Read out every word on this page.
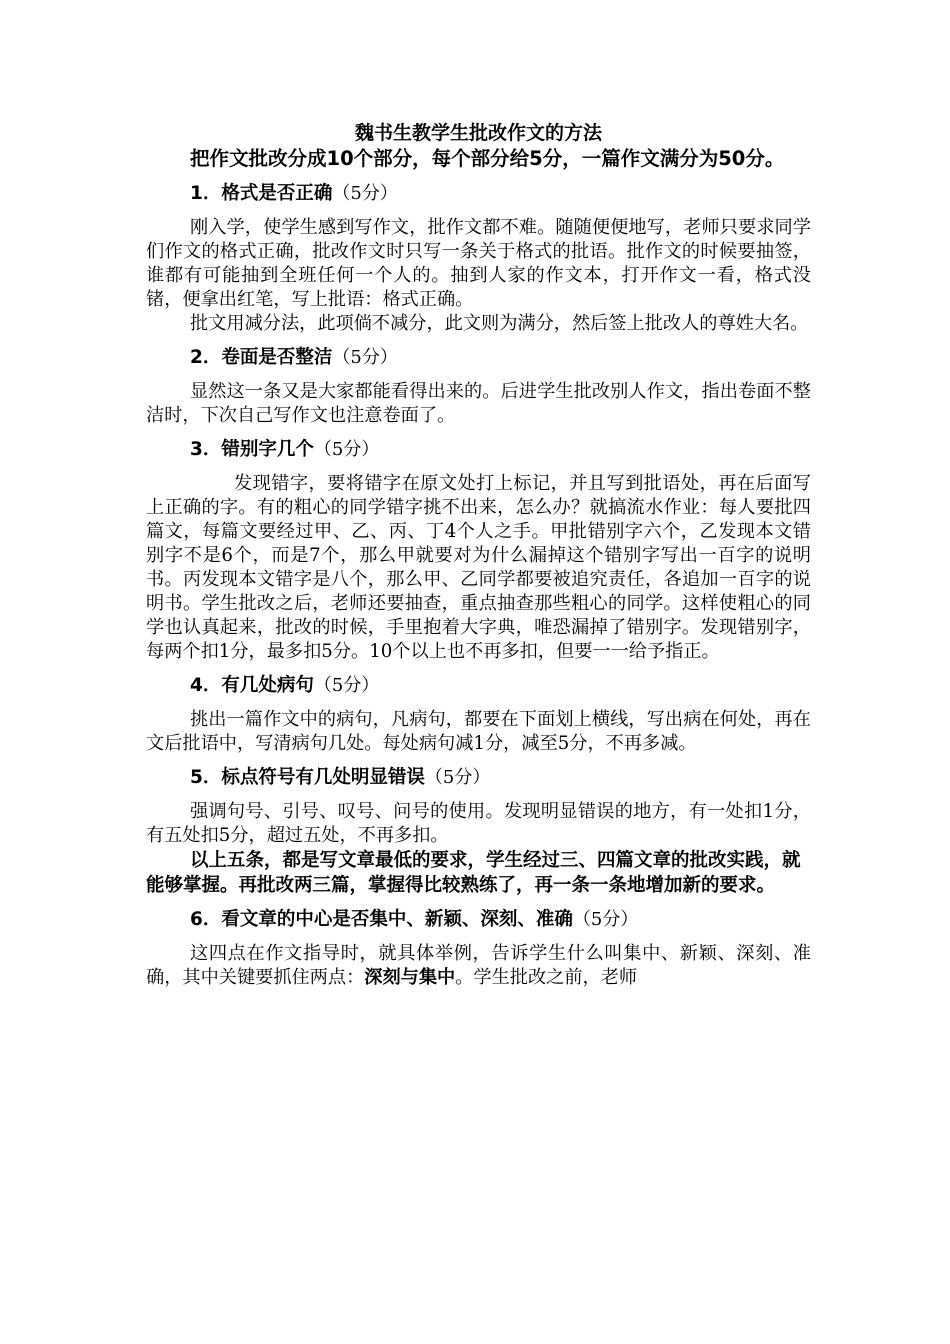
魏书生教学生批改作文的方法

把作文批改分成10个部分，每个部分给5分，一篇作文满分为50分。

1．格式是否正确（5分）

刚入学，使学生感到写作文，批作文都不难。随随便便地写，老师只要求同学们作文的格式正确，批改作文时只写一条关于格式的批语。批作文的时候要抽签，谁都有可能抽到全班任何一个人的。抽到人家的作文本，打开作文一看，格式没锗，便拿出红笔，写上批语：格式正确。

批文用减分法，此项倘不减分，此文则为满分，然后签上批改人的尊姓大名。

2．卷面是否整洁（5分）

显然这一条又是大家都能看得出来的。后进学生批改别人作文，指出卷面不整洁时，下次自己写作文也注意卷面了。

3．错别字几个（5分）

发现错字，要将错字在原文处打上标记，并且写到批语处，再在后面写上正确的字。有的粗心的同学错字挑不出来，怎么办？就搞流水作业：每人要批四篇文，每篇文要经过甲、乙、丙、丁4个人之手。甲批错别字六个，乙发现本文错别字不是6个，而是7个，那么甲就要对为什么漏掉这个错别字写出一百字的说明书。丙发现本文错字是八个，那么甲、乙同学都要被追究责任，各追加一百字的说明书。学生批改之后，老师还要抽查，重点抽查那些粗心的同学。这样使粗心的同学也认真起来，批改的时候，手里抱着大字典，唯恐漏掉了错别字。发现错别字，每两个扣1分，最多扣5分。10个以上也不再多扣，但要一一给予指正。

4．有几处病句（5分）

挑出一篇作文中的病句，凡病句，都要在下面划上横线，写出病在何处，再在文后批语中，写清病句几处。每处病句减1分，减至5分，不再多减。

5．标点符号有几处明显错误（5分）

强调句号、引号、叹号、问号的使用。发现明显错误的地方，有一处扣1分，有五处扣5分，超过五处，不再多扣。

以上五条，都是写文章最低的要求，学生经过三、四篇文章的批改实践，就能够掌握。再批改两三篇，掌握得比较熟练了，再一条一条地增加新的要求。

6．看文章的中心是否集中、新颖、深刻、准确（5分）

这四点在作文指导时，就具体举例，告诉学生什么叫集中、新颖、深刻、准确，其中关键要抓住两点：深刻与集中。学生批改之前，老师
